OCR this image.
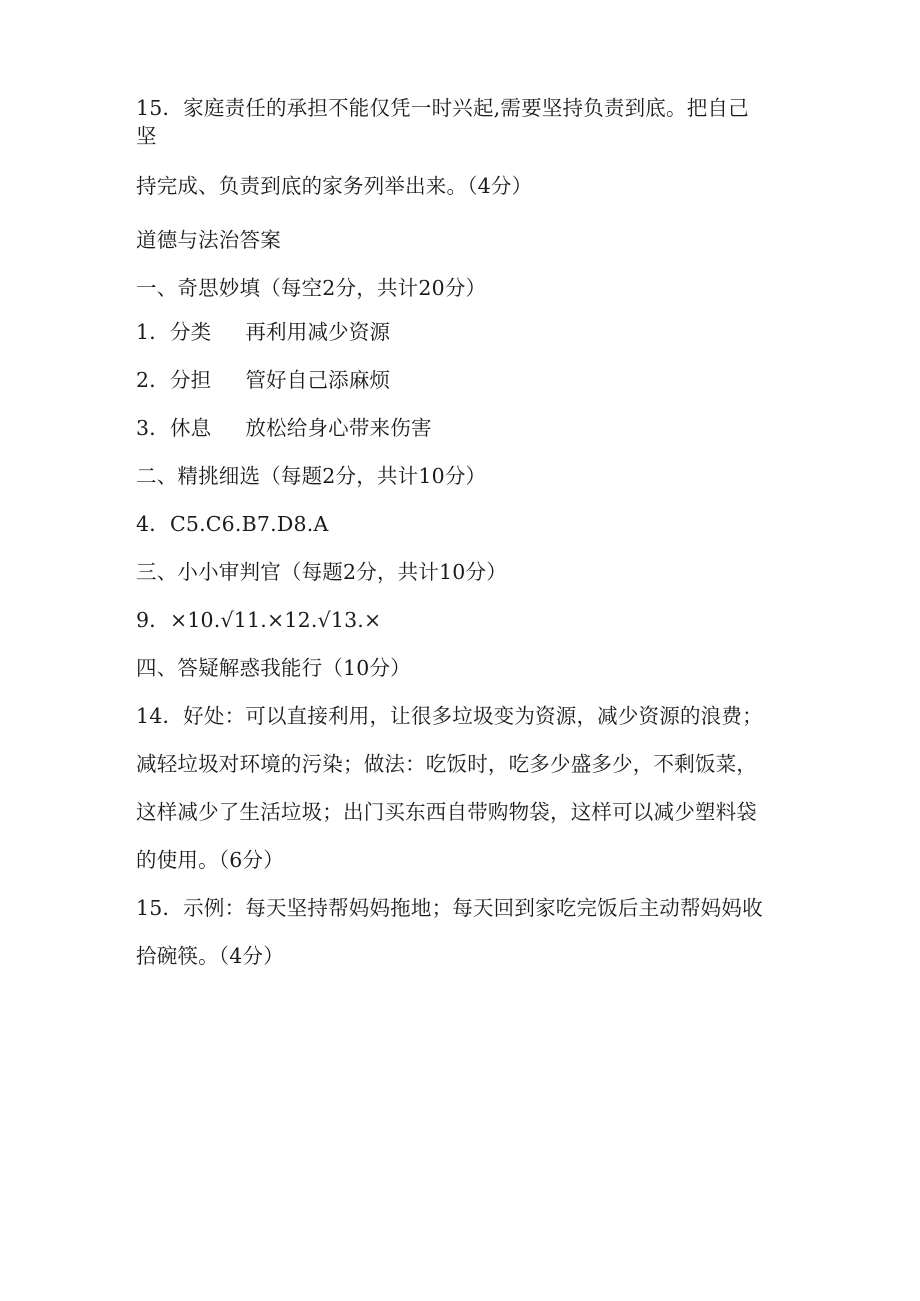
15．家庭责任的承担不能仅凭一时兴起,需要坚持负责到底。把自己
坚
持完成、负责到底的家务列举出来。（4分）
道德与法治答案
一、奇思妙填（每空2分，共计20分）
1．分类 再利用减少资源
2．分担 管好自己添麻烦
3．休息 放松给身心带来伤害
二、精挑细选（每题2分，共计10分）
4．C5.C6.B7.D8.A
三、小小审判官（每题2分，共计10分）
9．×10.√11.×12.√13.×
四、答疑解惑我能行（10分）
14．好处：可以直接利用，让很多垃圾变为资源，减少资源的浪费；
减轻垃圾对环境的污染；做法：吃饭时，吃多少盛多少，不剩饭菜，
这样减少了生活垃圾；出门买东西自带购物袋，这样可以减少塑料袋
的使用。（6分）
15．示例：每天坚持帮妈妈拖地；每天回到家吃完饭后主动帮妈妈收
拾碗筷。（4分）
